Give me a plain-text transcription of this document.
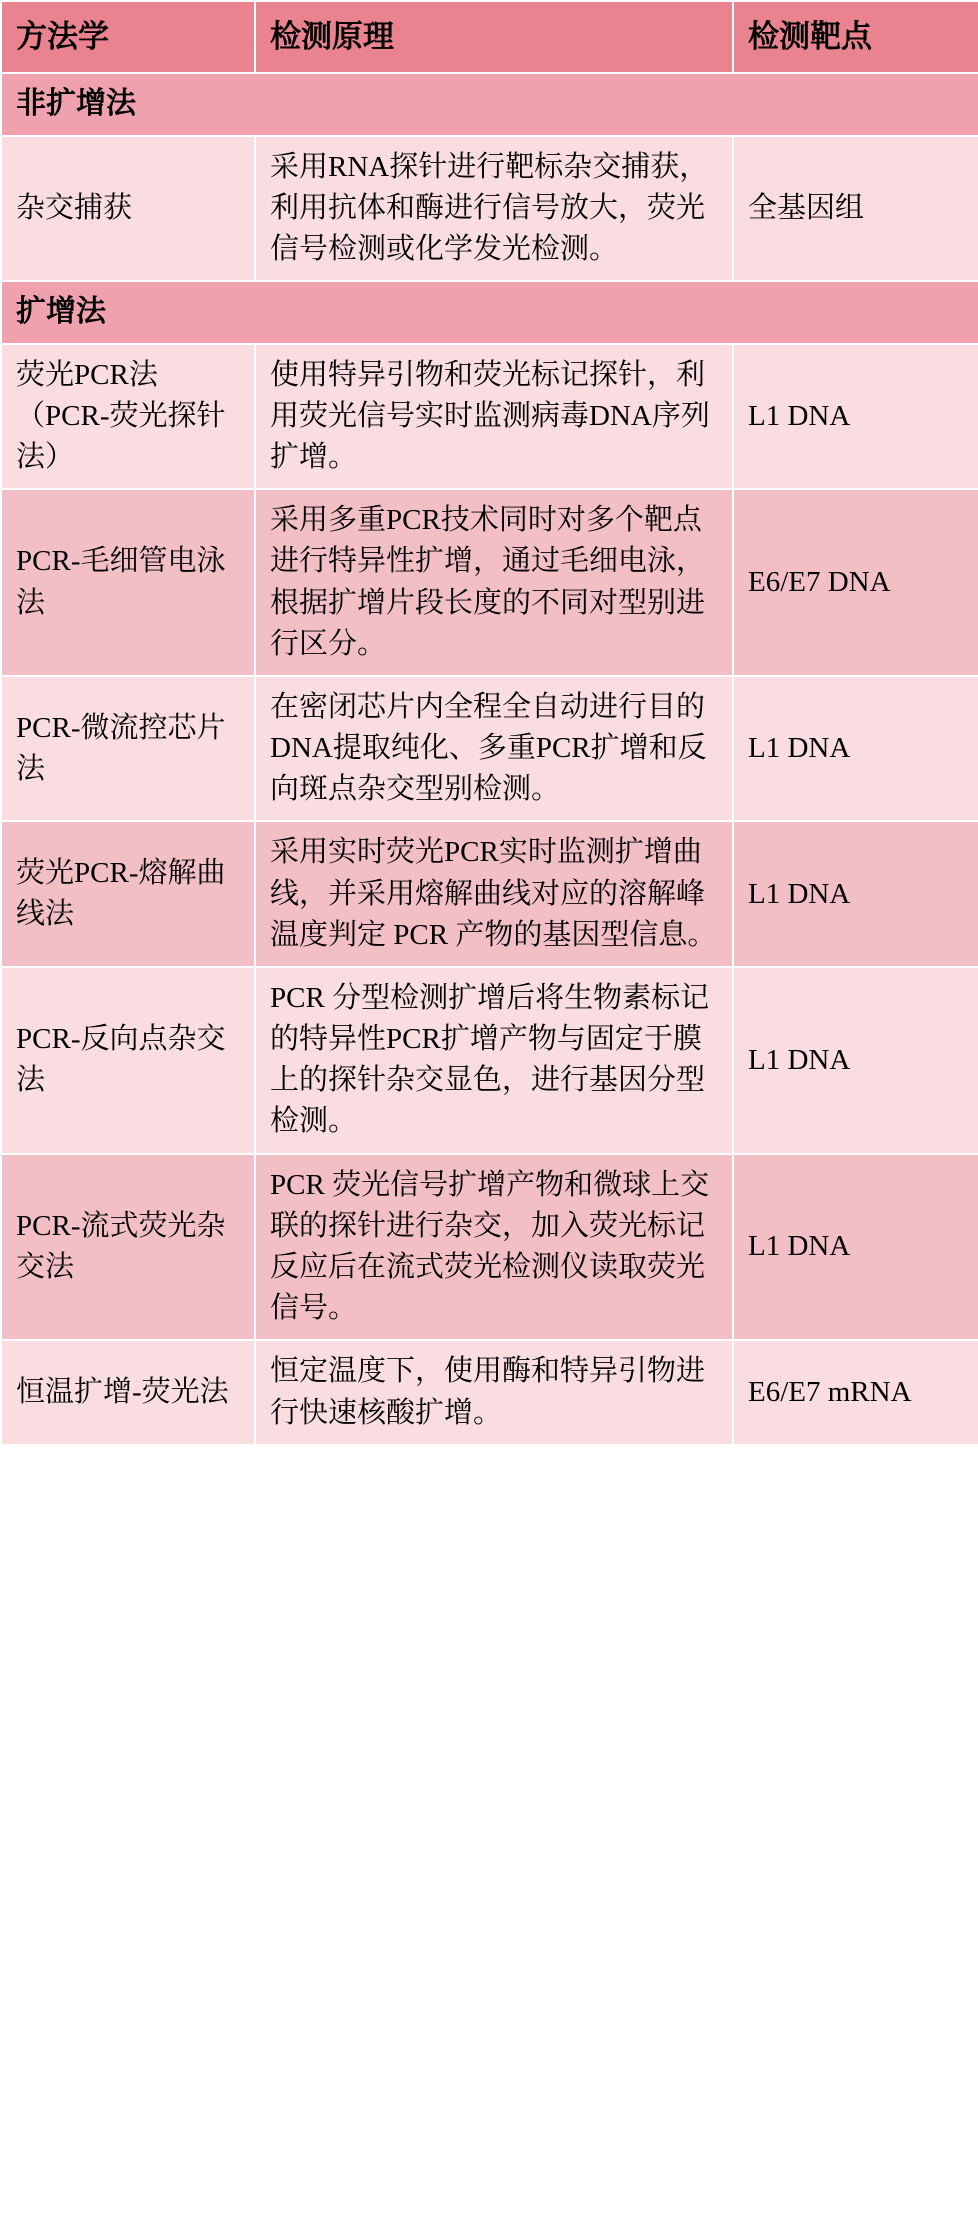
方法学	检测原理	检测靶点
非扩增法		
杂交捕获	采用RNA探针进行靶标杂交捕获，利用抗体和酶进行信号放大，荧光信号检测或化学发光检测。	全基因组
扩增法		
荧光PCR法（PCR-荧光探针法）	使用特异引物和荧光标记探针，利用荧光信号实时监测病毒DNA序列扩增。	L1 DNA
PCR-毛细管电泳法	采用多重PCR技术同时对多个靶点进行特异性扩增，通过毛细电泳，根据扩增片段长度的不同对型别进行区分。	E6/E7 DNA
PCR-微流控芯片法	在密闭芯片内全程全自动进行目的DNA提取纯化、多重PCR扩增和反向斑点杂交型别检测。	L1 DNA
荧光PCR-熔解曲线法	采用实时荧光PCR实时监测扩增曲线，并采用熔解曲线对应的溶解峰温度判定 PCR 产物的基因型信息。	L1 DNA
PCR-反向点杂交法	PCR 分型检测扩增后将生物素标记的特异性PCR扩增产物与固定于膜上的探针杂交显色，进行基因分型检测。	L1 DNA
PCR-流式荧光杂交法	PCR 荧光信号扩增产物和微球上交联的探针进行杂交，加入荧光标记反应后在流式荧光检测仪读取荧光信号。	L1 DNA
恒温扩增-荧光法	恒定温度下，使用酶和特异引物进行快速核酸扩增。	E6/E7 mRNA
